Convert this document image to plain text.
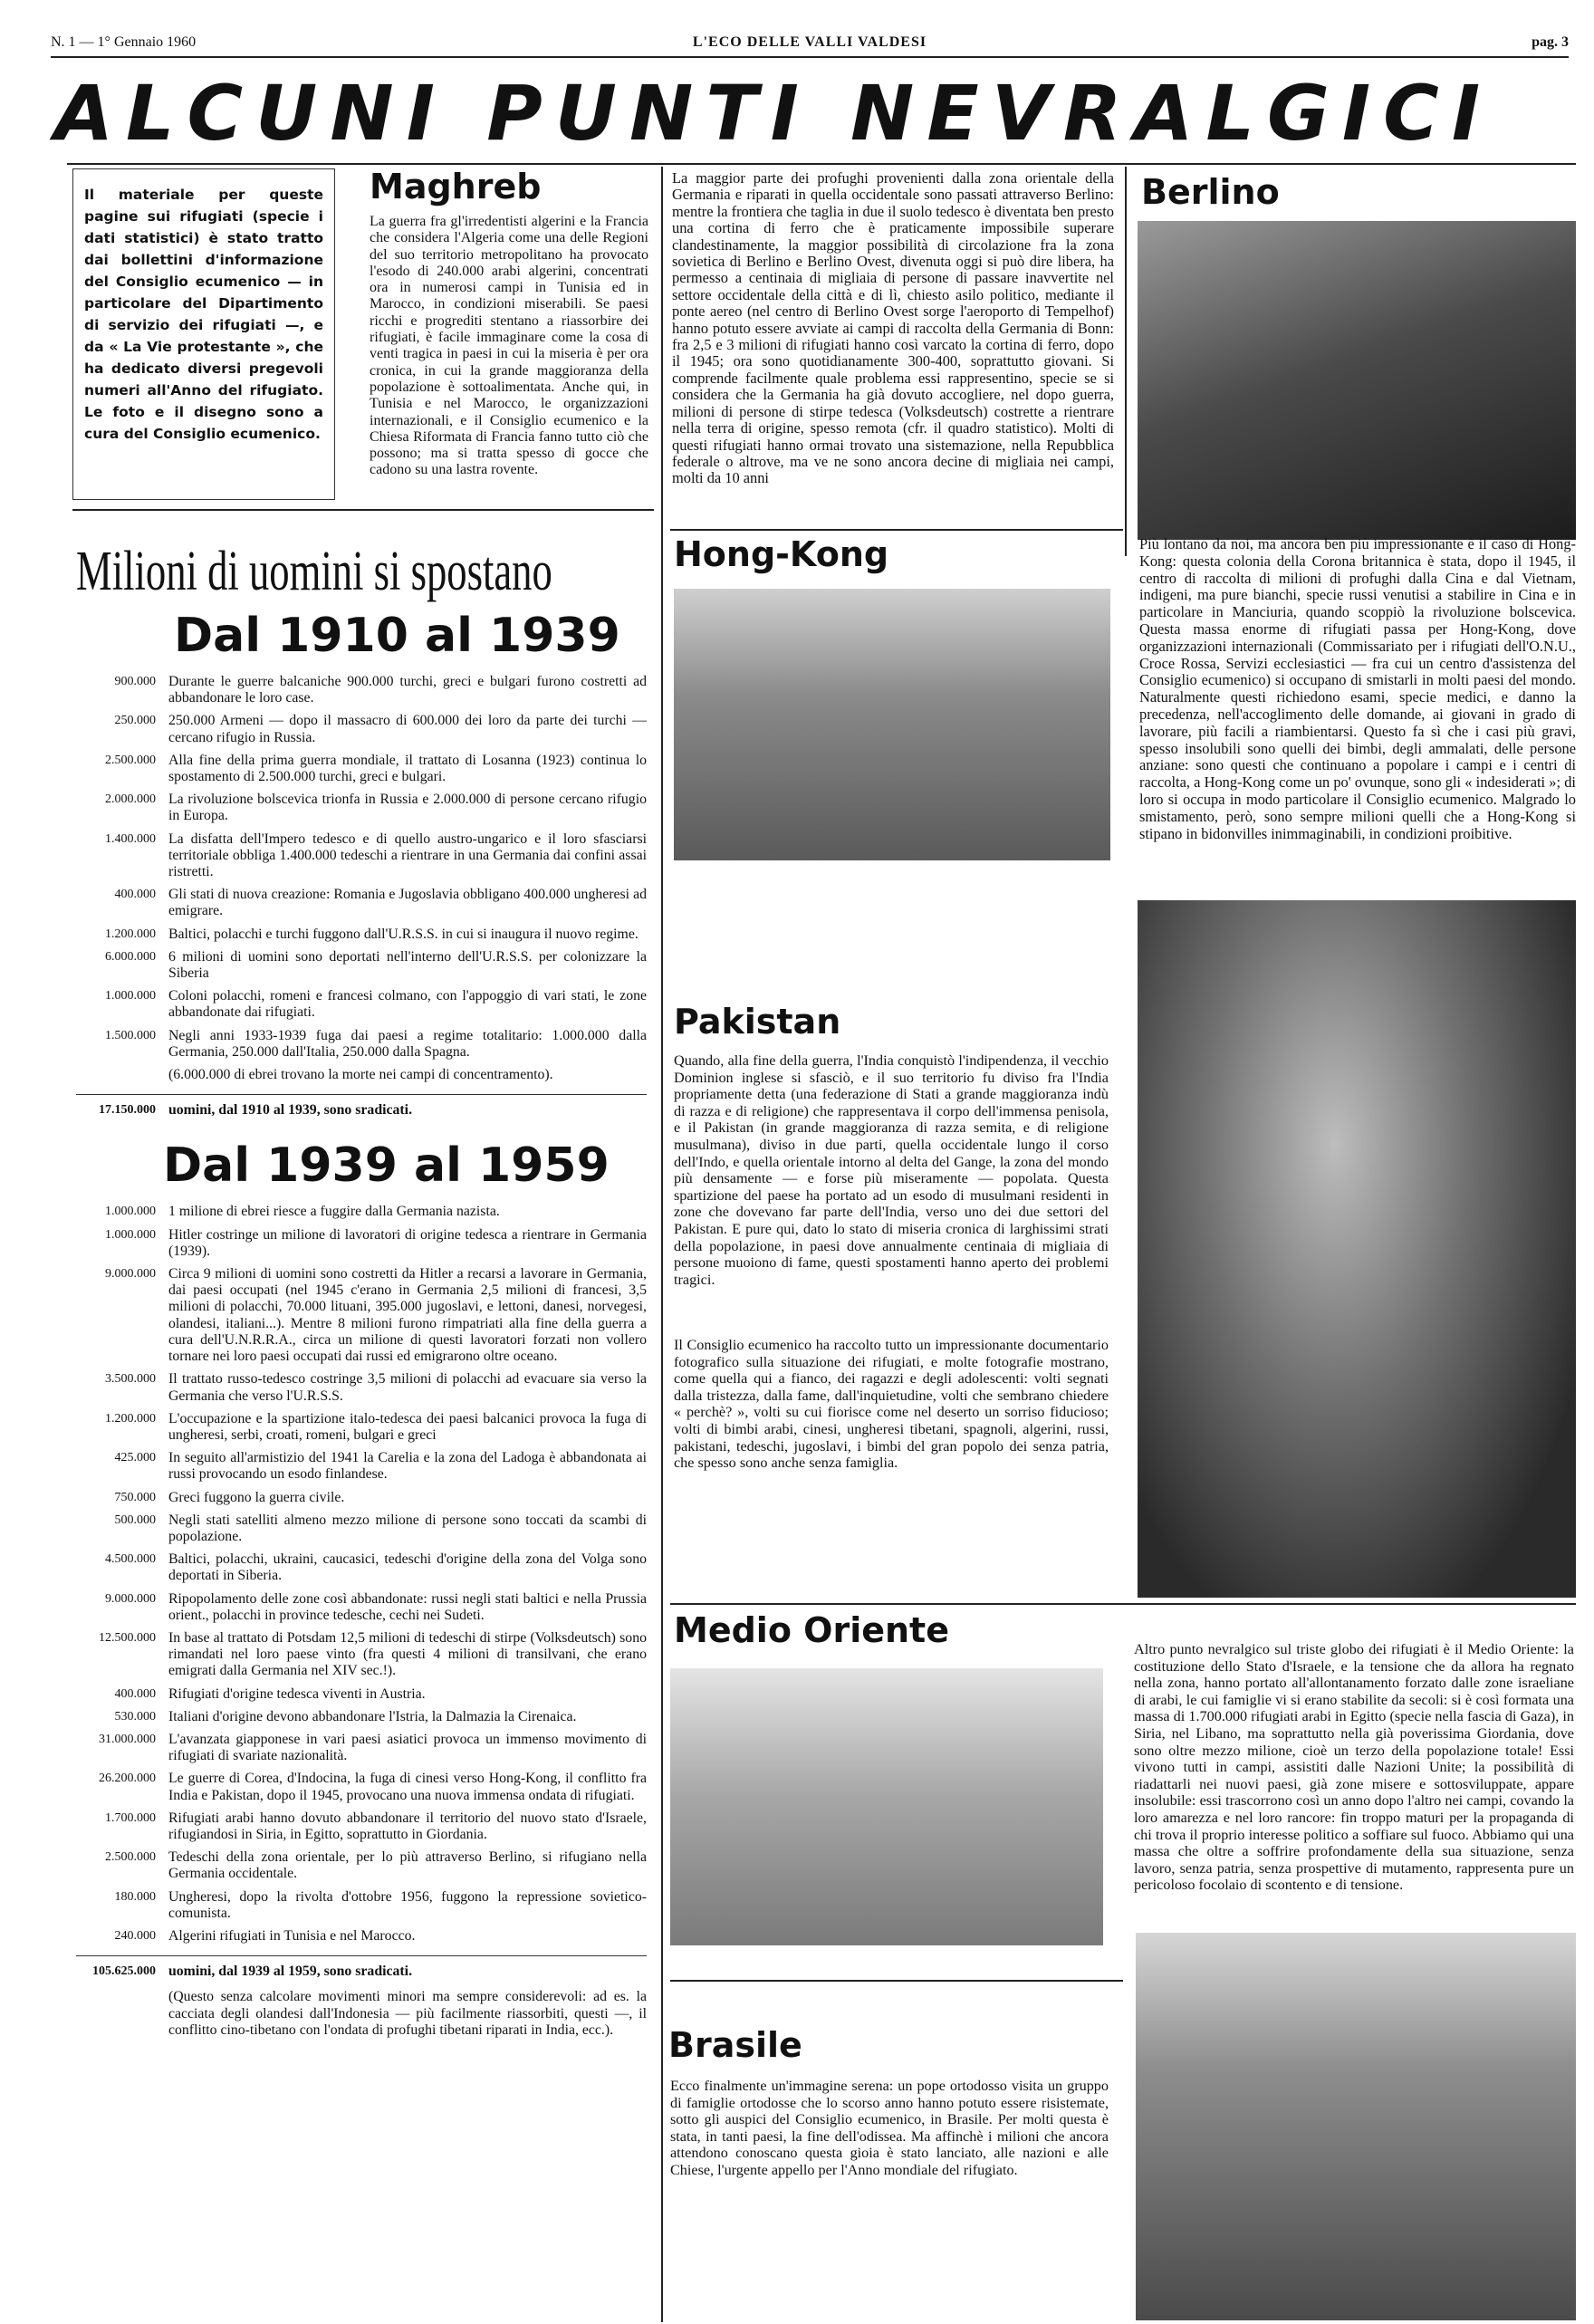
N. 1 — 1° Gennaio 1960	L'ECO DELLE VALLI VALDESI	pag. 3
ALCUNI PUNTI NEVRALGICI
Il materiale per queste pagine sui rifugiati (specie i dati statistici) è stato tratto dai bollettini d'informazione del Consiglio ecumenico — in particolare del Dipartimento di servizio dei rifugiati —, e da « La Vie protestante », che ha dedicato diversi pregevoli numeri all'Anno del rifugiato. Le foto e il disegno sono a cura del Consiglio ecumenico.
Maghreb
La guerra fra gl'irredentisti algerini e la Francia che considera l'Algeria come una delle Regioni del suo territorio metropolitano ha provocato l'esodo di 240.000 arabi algerini, concentrati ora in numerosi campi in Tunisia ed in Marocco, in condizioni miserabili. Se paesi ricchi e progrediti stentano a riassorbire dei rifugiati, è facile immaginare come la cosa di venti tragica in paesi in cui la miseria è per ora cronica, in cui la grande maggioranza della popolazione è sottoalimentata. Anche qui, in Tunisia e nel Marocco, le organizzazioni internazionali, e il Consiglio ecumenico e la Chiesa Riformata di Francia fanno tutto ciò che possono; ma si tratta spesso di gocce che cadono su una lastra rovente.
La maggior parte dei profughi provenienti dalla zona orientale della Germania e riparati in quella occidentale sono passati attraverso Berlino: mentre la frontiera che taglia in due il suolo tedesco è diventata ben presto una cortina di ferro che è praticamente impossibile superare clandestinamente, la maggior possibilità di circolazione fra la zona sovietica di Berlino e Berlino Ovest, divenuta oggi si può dire libera, ha permesso a centinaia di migliaia di persone di passare inavvertite nel settore occidentale della città e di lì, chiesto asilo politico, mediante il ponte aereo (nel centro di Berlino Ovest sorge l'aeroporto di Tempelhof) hanno potuto essere avviate ai campi di raccolta della Germania di Bonn: fra 2,5 e 3 milioni di rifugiati hanno così varcato la cortina di ferro, dopo il 1945; ora sono quotidianamente 300-400, soprattutto giovani. Si comprende facilmente quale problema essi rappresentino, specie se si considera che la Germania ha già dovuto accogliere, nel dopo guerra, milioni di persone di stirpe tedesca (Volksdeutsch) costrette a rientrare nella terra di origine, spesso remota (cfr. il quadro statistico). Molti di questi rifugiati hanno ormai trovato una sistemazione, nella Repubblica federale o altrove, ma ve ne sono ancora decine di migliaia nei campi, molti da 10 anni
Berlino
Milioni di uomini si spostano
Dal 1910 al 1939
900.000 Durante le guerre balcaniche 900.000 turchi, greci e bulgari furono costretti ad abbandonare le loro case.
250.000 250.000 Armeni — dopo il massacro di 600.000 dei loro da parte dei turchi — cercano rifugio in Russia.
2.500.000 Alla fine della prima guerra mondiale, il trattato di Losanna (1923) continua lo spostamento di 2.500.000 turchi, greci e bulgari.
2.000.000 La rivoluzione bolscevica trionfa in Russia e 2.000.000 di persone cercano rifugio in Europa.
1.400.000 La disfatta dell'Impero tedesco e di quello austro-ungarico e il loro sfasciarsi territoriale obbliga 1.400.000 tedeschi a rientrare in una Germania dai confini assai ristretti.
400.000 Gli stati di nuova creazione: Romania e Jugoslavia obbligano 400.000 ungheresi ad emigrare.
1.200.000 Baltici, polacchi e turchi fuggono dall'U.R.S.S. in cui si inaugura il nuovo regime.
6.000.000 6 milioni di uomini sono deportati nell'interno dell'U.R.S.S. per colonizzare la Siberia
1.000.000 Coloni polacchi, romeni e francesi colmano, con l'appoggio di vari stati, le zone abbandonate dai rifugiati.
1.500.000 Negli anni 1933-1939 fuga dai paesi a regime totalitario: 1.000.000 dalla Germania, 250.000 dall'Italia, 250.000 dalla Spagna.
(6.000.000 di ebrei trovano la morte nei campi di concentramento).
17.150.000 uomini, dal 1910 al 1939, sono sradicati.
Dal 1939 al 1959
1.000.000 1 milione di ebrei riesce a fuggire dalla Germania nazista.
1.000.000 Hitler costringe un milione di lavoratori di origine tedesca a rientrare in Germania (1939).
9.000.000 Circa 9 milioni di uomini sono costretti da Hitler a recarsi a lavorare in Germania, dai paesi occupati (nel 1945 c'erano in Germania 2,5 milioni di francesi, 3,5 milioni di polacchi, 70.000 lituani, 395.000 jugoslavi, e lettoni, danesi, norvegesi, olandesi, italiani...). Mentre 8 milioni furono rimpatriati alla fine della guerra a cura dell'U.N.R.R.A., circa un milione di questi lavoratori forzati non vollero tornare nei loro paesi occupati dai russi ed emigrarono oltre oceano.
3.500.000 Il trattato russo-tedesco costringe 3,5 milioni di polacchi ad evacuare sia verso la Germania che verso l'U.R.S.S.
1.200.000 L'occupazione e la spartizione italo-tedesca dei paesi balcanici provoca la fuga di ungheresi, serbi, croati, romeni, bulgari e greci
425.000 In seguito all'armistizio del 1941 la Carelia e la zona del Ladoga è abbandonata ai russi provocando un esodo finlandese.
750.000 Greci fuggono la guerra civile.
500.000 Negli stati satelliti almeno mezzo milione di persone sono toccati da scambi di popolazione.
4.500.000 Baltici, polacchi, ukraini, caucasici, tedeschi d'origine della zona del Volga sono deportati in Siberia.
9.000.000 Ripopolamento delle zone così abbandonate: russi negli stati baltici e nella Prussia orient., polacchi in province tedesche, cechi nei Sudeti.
12.500.000 In base al trattato di Potsdam 12,5 milioni di tedeschi di stirpe (Volksdeutsch) sono rimandati nel loro paese vinto (fra questi 4 milioni di transilvani, che erano emigrati dalla Germania nel XIV sec.!).
400.000 Rifugiati d'origine tedesca viventi in Austria.
530.000 Italiani d'origine devono abbandonare l'Istria, la Dalmazia la Cirenaica.
31.000.000 L'avanzata giapponese in vari paesi asiatici provoca un immenso movimento di rifugiati di svariate nazionalità.
26.200.000 Le guerre di Corea, d'Indocina, la fuga di cinesi verso Hong-Kong, il conflitto fra India e Pakistan, dopo il 1945, provocano una nuova immensa ondata di rifugiati.
1.700.000 Rifugiati arabi hanno dovuto abbandonare il territorio del nuovo stato d'Israele, rifugiandosi in Siria, in Egitto, soprattutto in Giordania.
2.500.000 Tedeschi della zona orientale, per lo più attraverso Berlino, si rifugiano nella Germania occidentale.
180.000 Ungheresi, dopo la rivolta d'ottobre 1956, fuggono la repressione sovietico-comunista.
240.000 Algerini rifugiati in Tunisia e nel Marocco.
105.625.000 uomini, dal 1939 al 1959, sono sradicati.
(Questo senza calcolare movimenti minori ma sempre considerevoli: ad es. la cacciata degli olandesi dall'Indonesia — più facilmente riassorbiti, questi —, il conflitto cino-tibetano con l'ondata di profughi tibetani riparati in India, ecc.).
Hong-Kong	Più lontano da noi, ma ancora ben più impressionante è il caso di Hong-Kong: questa colonia della Corona britannica è stata, dopo il 1945, il centro di raccolta di milioni di profughi dalla Cina e dal Vietnam, indigeni, ma pure bianchi, specie russi venutisi a stabilire in Cina e in particolare in Manciuria, quando scoppiò la rivoluzione bolscevica. Questa massa enorme di rifugiati passa per Hong-Kong, dove organizzazioni internazionali (Commissariato per i rifugiati dell'O.N.U., Croce Rossa, Servizi ecclesiastici — fra cui un centro d'assistenza del Consiglio ecumenico) si occupano di smistarli in molti paesi del mondo. Naturalmente questi richiedono esami, specie medici, e danno la precedenza, nell'accoglimento delle domande, ai giovani in grado di lavorare, più facili a riambientarsi. Questo fa sì che i casi più gravi, spesso insolubili sono quelli dei bimbi, degli ammalati, delle persone anziane: sono questi che continuano a popolare i campi e i centri di raccolta, a Hong-Kong come un po' ovunque, sono gli « indesiderati »; di loro si occupa in modo particolare il Consiglio ecumenico. Malgrado lo smistamento, però, sono sempre milioni quelli che a Hong-Kong si stipano in bidonvilles inimmaginabili, in condizioni proibitive.
Pakistan
Quando, alla fine della guerra, l'India conquistò l'indipendenza, il vecchio Dominion inglese si sfasciò, e il suo territorio fu diviso fra l'India propriamente detta (una federazione di Stati a grande maggioranza indù di razza e di religione) che rappresentava il corpo dell'immensa penisola, e il Pakistan (in grande maggioranza di razza semita, e di religione musulmana), diviso in due parti, quella occidentale lungo il corso dell'Indo, e quella orientale intorno al delta del Gange, la zona del mondo più densamente — e forse più miseramente — popolata. Questa spartizione del paese ha portato ad un esodo di musulmani residenti in zone che dovevano far parte dell'India, verso uno dei due settori del Pakistan. E pure qui, dato lo stato di miseria cronica di larghissimi strati della popolazione, in paesi dove annualmente centinaia di migliaia di persone muoiono di fame, questi spostamenti hanno aperto dei problemi tragici.
Il Consiglio ecumenico ha raccolto tutto un impressionante documentario fotografico sulla situazione dei rifugiati, e molte fotografie mostrano, come quella qui a fianco, dei ragazzi e degli adolescenti: volti segnati dalla tristezza, dalla fame, dall'inquietudine, volti che sembrano chiedere « perchè? », volti su cui fiorisce come nel deserto un sorriso fiducioso; volti di bimbi arabi, cinesi, ungheresi tibetani, spagnoli, algerini, russi, pakistani, tedeschi, jugoslavi, i bimbi del gran popolo dei senza patria, che spesso sono anche senza famiglia.
Medio Oriente	Altro punto nevralgico sul triste globo dei rifugiati è il Medio Oriente: la costituzione dello Stato d'Israele, e la tensione che da allora ha regnato nella zona, hanno portato all'allontanamento forzato dalle zone israeliane di arabi, le cui famiglie vi si erano stabilite da secoli: si è così formata una massa di 1.700.000 rifugiati arabi in Egitto (specie nella fascia di Gaza), in Siria, nel Libano, ma soprattutto nella già poverissima Giordania, dove sono oltre mezzo milione, cioè un terzo della popolazione totale! Essi vivono tutti in campi, assistiti dalle Nazioni Unite; la possibilità di riadattarli nei nuovi paesi, già zone misere e sottosviluppate, appare insolubile: essi trascorrono così un anno dopo l'altro nei campi, covando la loro amarezza e nel loro rancore: fin troppo maturi per la propaganda di chi trova il proprio interesse politico a soffiare sul fuoco. Abbiamo qui una massa che oltre a soffrire profondamente della sua situazione, senza lavoro, senza patria, senza prospettive di mutamento, rappresenta pure un pericoloso focolaio di scontento e di tensione.
Brasile
Ecco finalmente un'immagine serena: un pope ortodosso visita un gruppo di famiglie ortodosse che lo scorso anno hanno potuto essere risistemate, sotto gli auspici del Consiglio ecumenico, in Brasile. Per molti questa è stata, in tanti paesi, la fine dell'odissea. Ma affinchè i milioni che ancora attendono conoscano questa gioia è stato lanciato, alle nazioni e alle Chiese, l'urgente appello per l'Anno mondiale del rifugiato.
